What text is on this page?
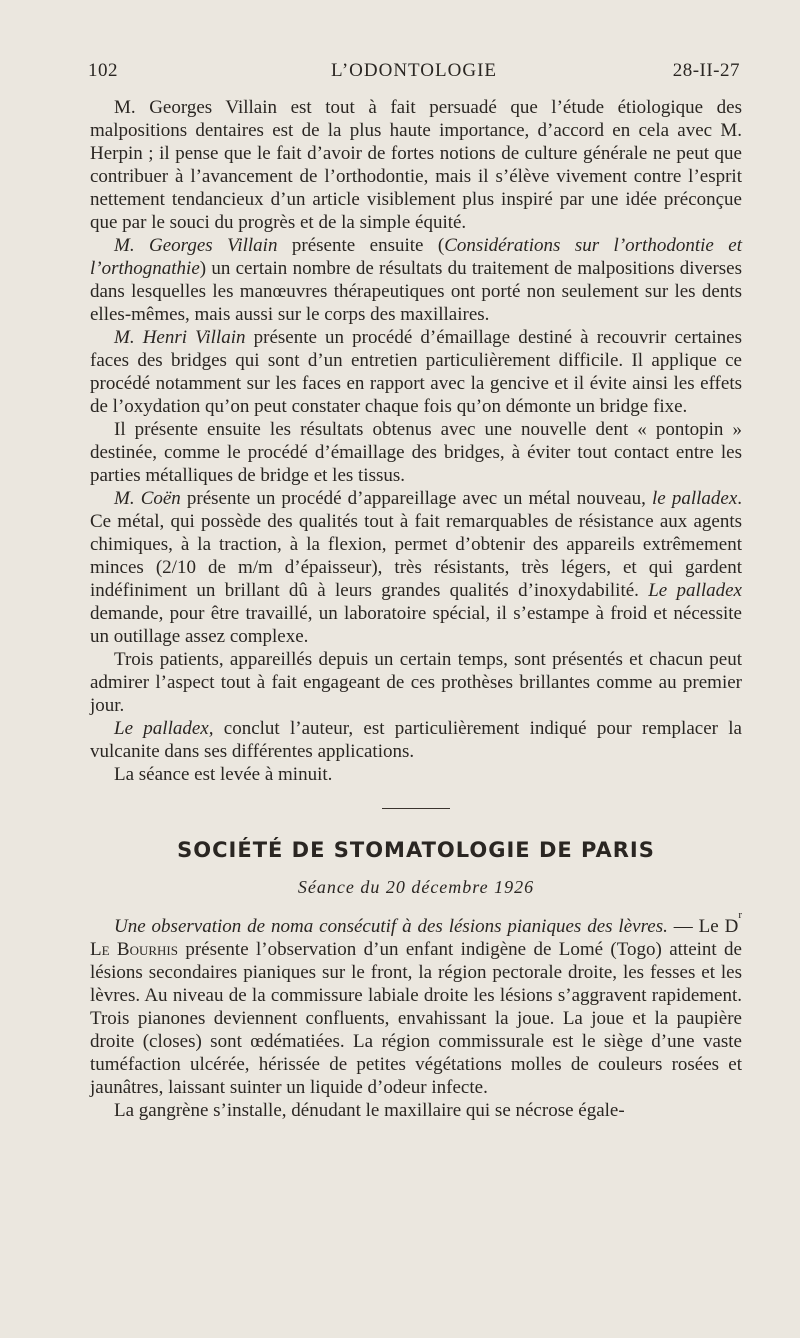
102	L’ODONTOLOGIE	28-II-27

M. Georges Villain est tout à fait persuadé que l’étude étiologique des malpositions dentaires est de la plus haute importance, d’accord en cela avec M. Herpin ; il pense que le fait d’avoir de fortes notions de culture générale ne peut que contribuer à l’avancement de l’orthodontie, mais il s’élève vivement contre l’esprit nettement tendancieux d’un article visiblement plus inspiré par une idée préconçue que par le souci du progrès et de la simple équité.

M. Georges Villain présente ensuite (Considérations sur l’orthodontie et l’orthognathie) un certain nombre de résultats du traitement de malpositions diverses dans lesquelles les manœuvres thérapeutiques ont porté non seulement sur les dents elles-mêmes, mais aussi sur le corps des maxillaires.

M. Henri Villain présente un procédé d’émaillage destiné à recouvrir certaines faces des bridges qui sont d’un entretien particulièrement difficile. Il applique ce procédé notamment sur les faces en rapport avec la gencive et il évite ainsi les effets de l’oxydation qu’on peut constater chaque fois qu’on démonte un bridge fixe.

Il présente ensuite les résultats obtenus avec une nouvelle dent « pontopin » destinée, comme le procédé d’émaillage des bridges, à éviter tout contact entre les parties métalliques de bridge et les tissus.

M. Coën présente un procédé d’appareillage avec un métal nouveau, le palladex. Ce métal, qui possède des qualités tout à fait remarquables de résistance aux agents chimiques, à la traction, à la flexion, permet d’obtenir des appareils extrêmement minces (2/10 de m/m d’épaisseur), très résistants, très légers, et qui gardent indéfiniment un brillant dû à leurs grandes qualités d’inoxydabilité. Le palladex demande, pour être travaillé, un laboratoire spécial, il s’estampe à froid et nécessite un outillage assez complexe.

Trois patients, appareillés depuis un certain temps, sont présentés et chacun peut admirer l’aspect tout à fait engageant de ces prothèses brillantes comme au premier jour.

Le palladex, conclut l’auteur, est particulièrement indiqué pour remplacer la vulcanite dans ses différentes applications.

La séance est levée à minuit.

SOCIÉTÉ DE STOMATOLOGIE DE PARIS
Séance du 20 décembre 1926

Une observation de noma consécutif à des lésions pianiques des lèvres. — Le $D^r$ Le Bourhis présente l’observation d’un enfant indigène de Lomé (Togo) atteint de lésions secondaires pianiques sur le front, la région pectorale droite, les fesses et les lèvres. Au niveau de la commissure labiale droite les lésions s’aggravent rapidement. Trois pianones deviennent confluents, envahissant la joue. La joue et la paupière droite (closes) sont œdématiées. La région commissurale est le siège d’une vaste tuméfaction ulcérée, hérissée de petites végétations molles de couleurs rosées et jaunâtres, laissant suinter un liquide d’odeur infecte.

La gangrène s’installe, dénudant le maxillaire qui se nécrose égale-
